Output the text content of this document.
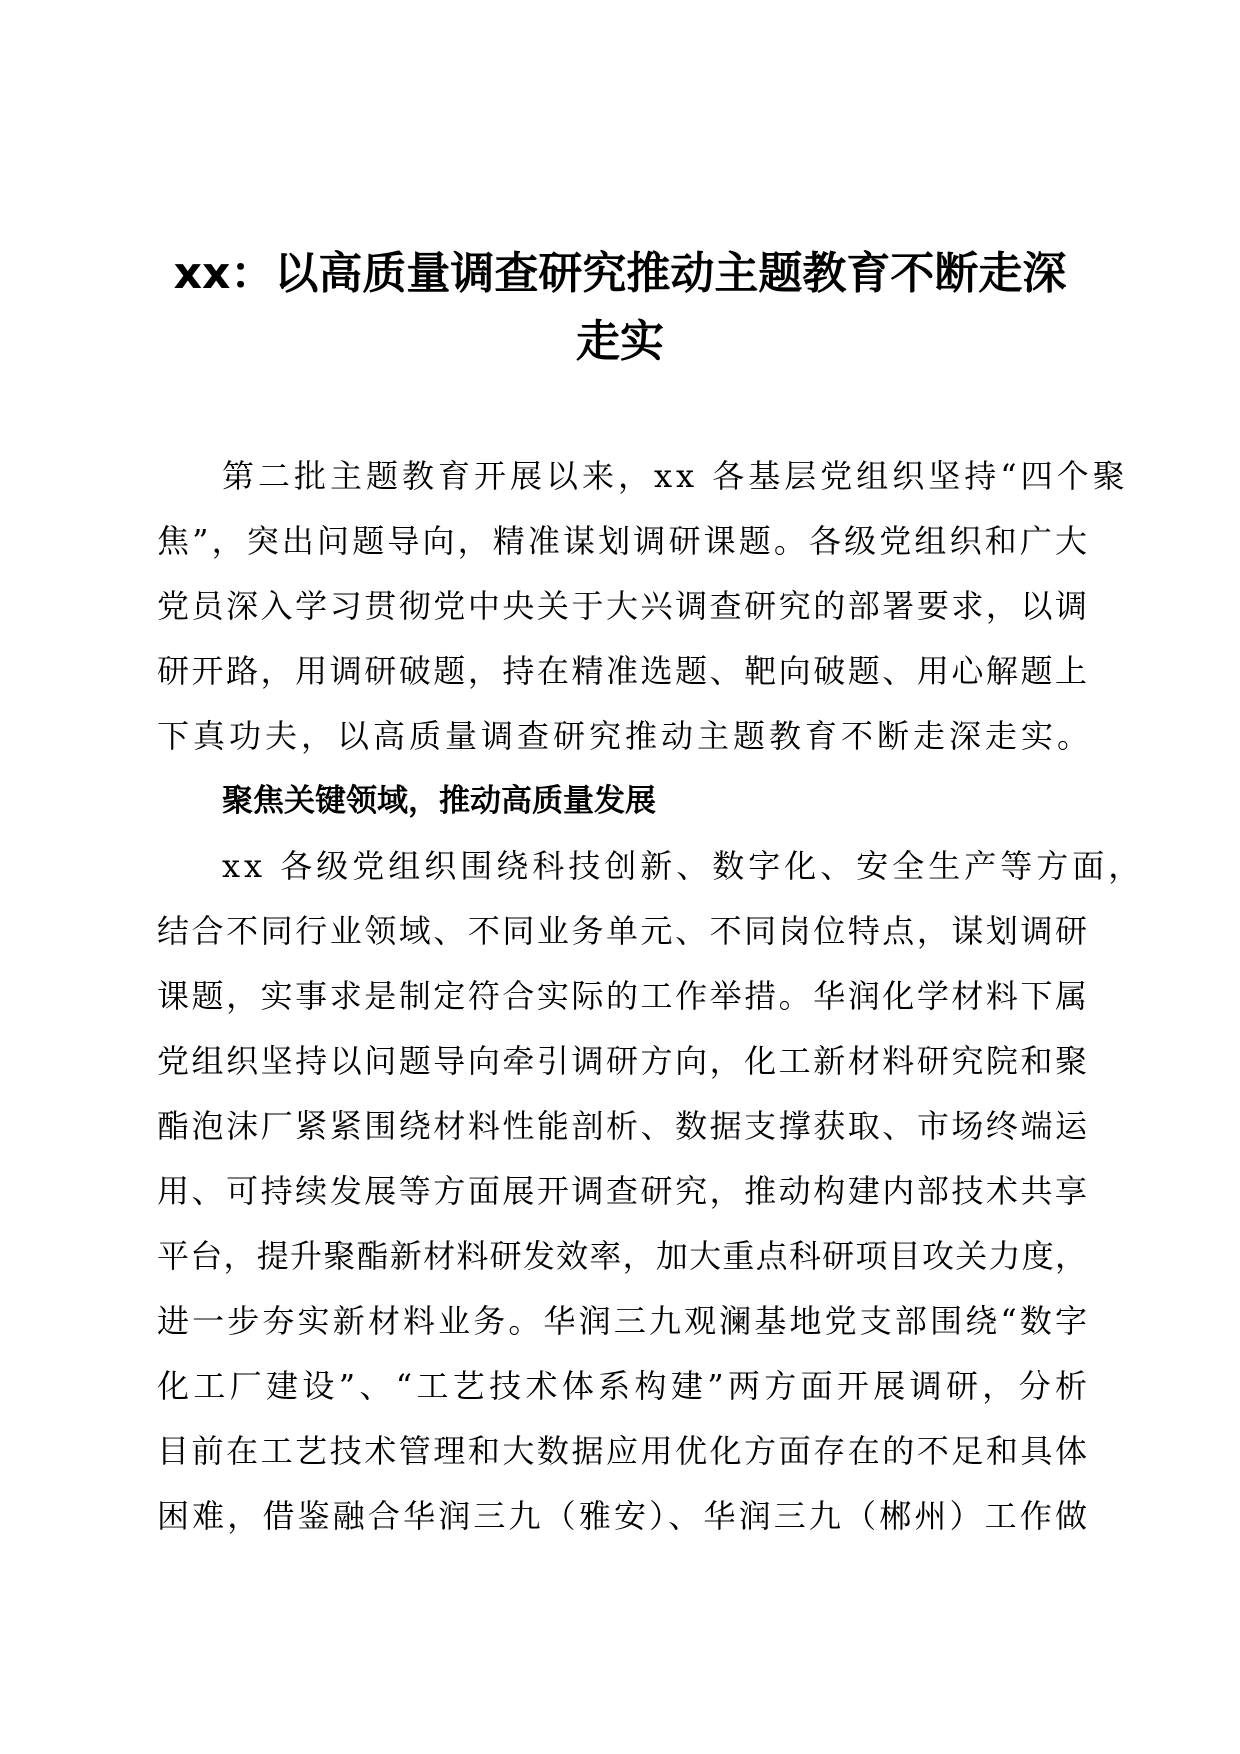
xx：以高质量调查研究推动主题教育不断走深
走实
第二批主题教育开展以来，xx 各基层党组织坚持“四个聚
焦”，突出问题导向，精准谋划调研课题。各级党组织和广大
党员深入学习贯彻党中央关于大兴调查研究的部署要求，以调
研开路，用调研破题，持在精准选题、靶向破题、用心解题上
下真功夫，以高质量调查研究推动主题教育不断走深走实。
聚焦关键领域，推动高质量发展
xx 各级党组织围绕科技创新、数字化、安全生产等方面，
结合不同行业领域、不同业务单元、不同岗位特点，谋划调研
课题，实事求是制定符合实际的工作举措。华润化学材料下属
党组织坚持以问题导向牵引调研方向，化工新材料研究院和聚
酯泡沫厂紧紧围绕材料性能剖析、数据支撑获取、市场终端运
用、可持续发展等方面展开调查研究，推动构建内部技术共享
平台，提升聚酯新材料研发效率，加大重点科研项目攻关力度，
进一步夯实新材料业务。华润三九观澜基地党支部围绕“数字
化工厂建设”、“工艺技术体系构建”两方面开展调研，分析
目前在工艺技术管理和大数据应用优化方面存在的不足和具体
困难，借鉴融合华润三九（雅安）、华润三九（郴州）工作做
